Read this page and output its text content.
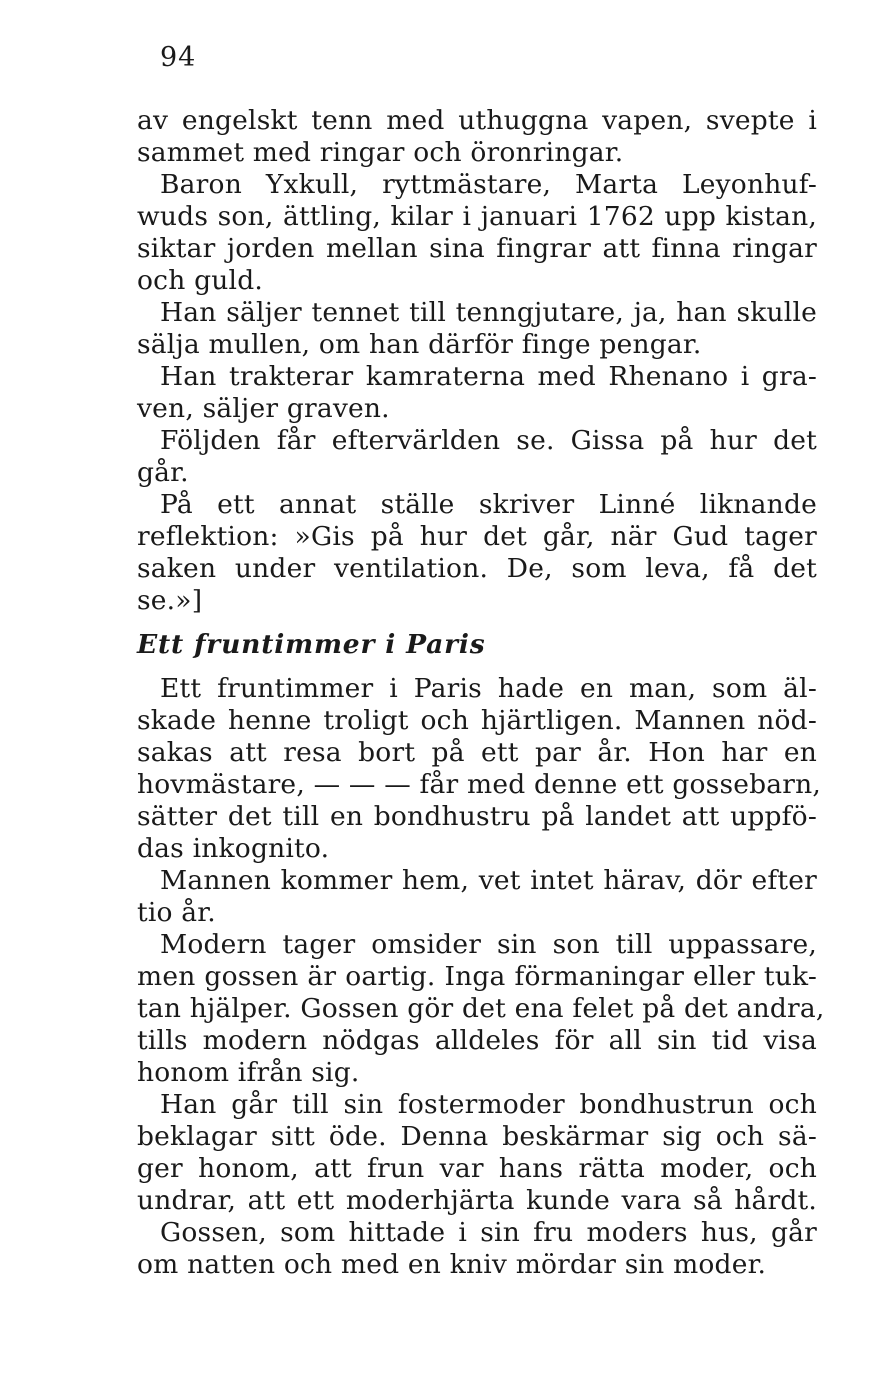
94
av engelskt tenn med uthuggna vapen, svepte i
sammet med ringar och öronringar.
Baron Yxkull, ryttmästare, Marta Leyonhuf-
wuds son, ättling, kilar i januari 1762 upp kistan,
siktar jorden mellan sina fingrar att finna ringar
och guld.
Han säljer tennet till tenngjutare, ja, han skulle
sälja mullen, om han därför finge pengar.
Han trakterar kamraterna med Rhenano i gra-
ven, säljer graven.
Följden får eftervärlden se. Gissa på hur det
går.
På ett annat ställe skriver Linné liknande
reflektion: »Gis på hur det går, när Gud tager
saken under ventilation. De, som leva, få det
se.»]
Ett fruntimmer i Paris
Ett fruntimmer i Paris hade en man, som äl-
skade henne troligt och hjärtligen. Mannen nöd-
sakas att resa bort på ett par år. Hon har en
hovmästare, — — — får med denne ett gossebarn,
sätter det till en bondhustru på landet att uppfö-
das inkognito.
Mannen kommer hem, vet intet härav, dör efter
tio år.
Modern tager omsider sin son till uppassare,
men gossen är oartig. Inga förmaningar eller tuk-
tan hjälper. Gossen gör det ena felet på det andra,
tills modern nödgas alldeles för all sin tid visa
honom ifrån sig.
Han går till sin fostermoder bondhustrun och
beklagar sitt öde. Denna beskärmar sig och sä-
ger honom, att frun var hans rätta moder, och
undrar, att ett moderhjärta kunde vara så hårdt.
Gossen, som hittade i sin fru moders hus, går
om natten och med en kniv mördar sin moder.
